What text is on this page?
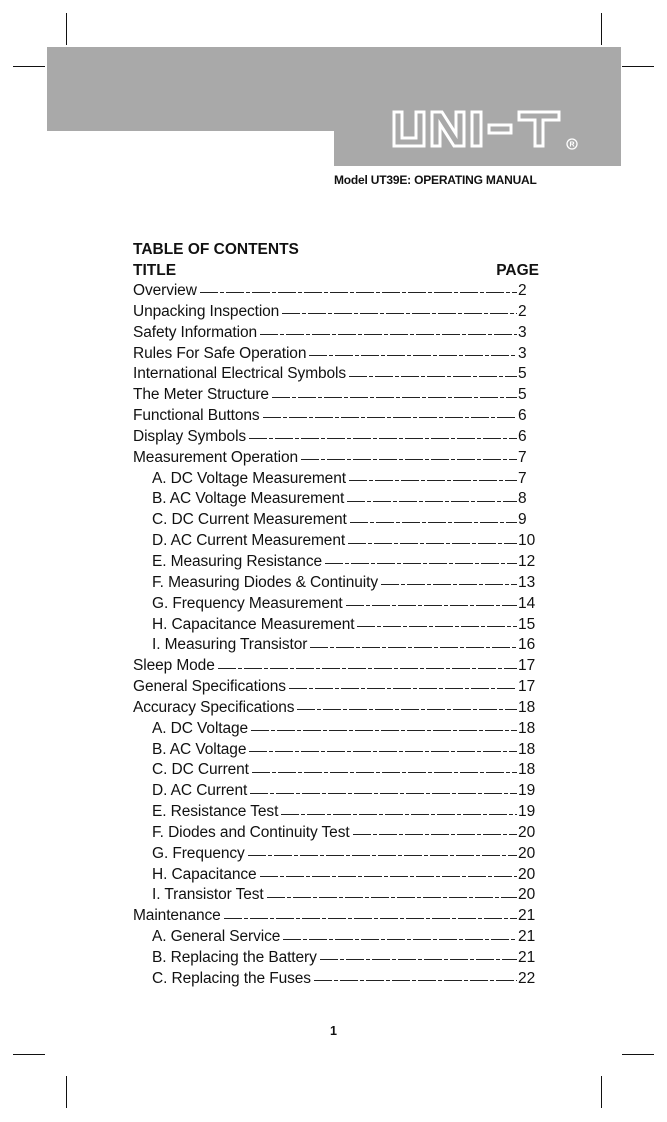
R
Model UT39E: OPERATING MANUAL
TABLE OF CONTENTS
TITLE	PAGE
Overview	2
Unpacking Inspection	2
Safety Information	3
Rules For Safe Operation	3
International Electrical Symbols	5
The Meter Structure	5
Functional Buttons	6
Display Symbols	6
Measurement Operation	7
A. DC Voltage Measurement	7
B. AC Voltage Measurement	8
C. DC Current Measurement	9
D. AC Current Measurement	10
E. Measuring Resistance	12
F. Measuring Diodes & Continuity	13
G. Frequency Measurement	14
H. Capacitance Measurement	15
I. Measuring Transistor	16
Sleep Mode	17
General Specifications	17
Accuracy Specifications	18
A. DC Voltage	18
B. AC Voltage	18
C. DC Current	18
D. AC Current	19
E. Resistance Test	19
F. Diodes and Continuity Test	20
G. Frequency	20
H. Capacitance	20
I. Transistor Test	20
Maintenance	21
A. General Service	21
B. Replacing the Battery	21
C. Replacing the Fuses	22
1
